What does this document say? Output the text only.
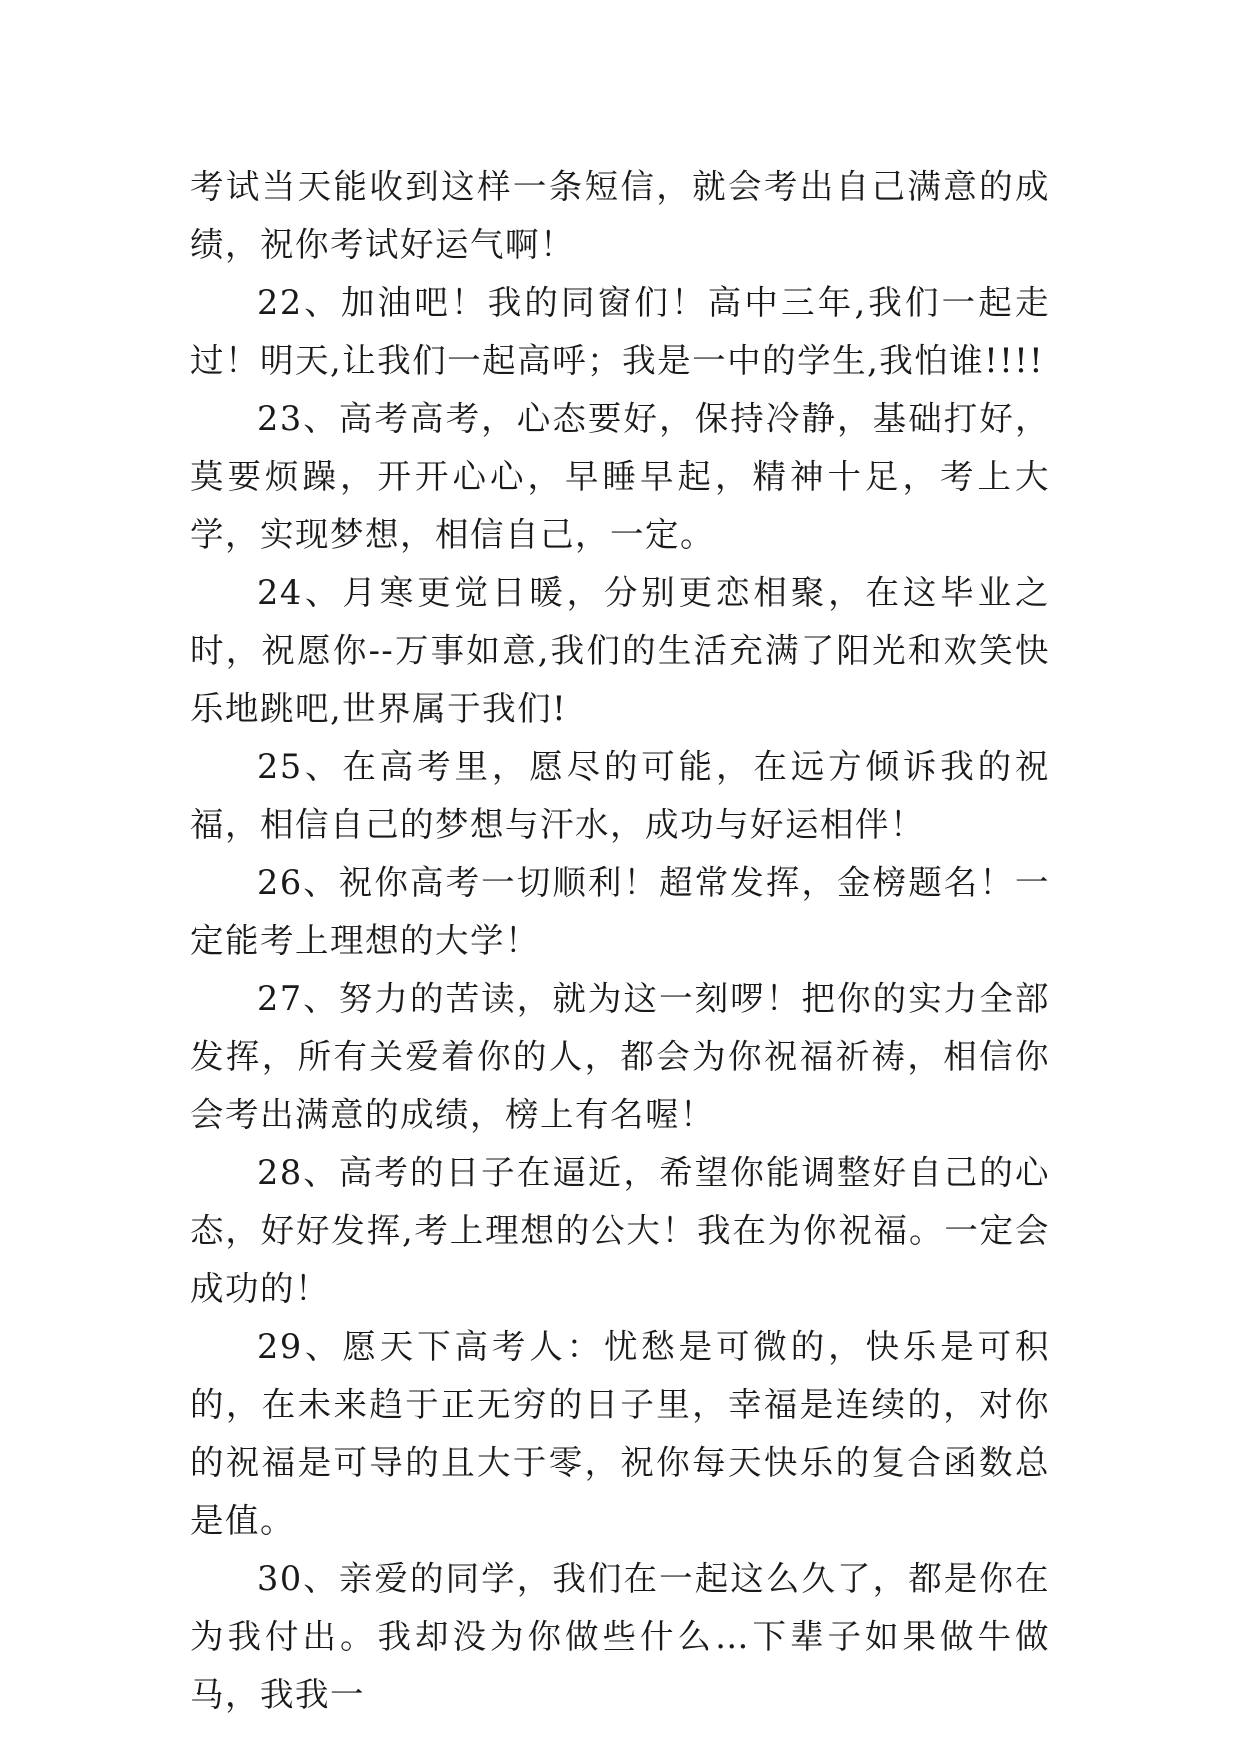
考试当天能收到这样一条短信，就会考出自己满意的成绩，祝你考试好运气啊！

22、加油吧！我的同窗们！高中三年,我们一起走过！明天,让我们一起高呼；我是一中的学生,我怕谁!!!!

23、高考高考，心态要好，保持冷静，基础打好，莫要烦躁，开开心心，早睡早起，精神十足，考上大学，实现梦想，相信自己，一定。

24、月寒更觉日暖，分别更恋相聚，在这毕业之时，祝愿你--万事如意,我们的生活充满了阳光和欢笑快乐地跳吧,世界属于我们!

25、在高考里，愿尽的可能，在远方倾诉我的祝福，相信自己的梦想与汗水，成功与好运相伴！

26、祝你高考一切顺利！超常发挥，金榜题名！一定能考上理想的大学！

27、努力的苦读，就为这一刻啰！把你的实力全部发挥，所有关爱着你的人，都会为你祝福祈祷，相信你会考出满意的成绩，榜上有名喔！

28、高考的日子在逼近，希望你能调整好自己的心态，好好发挥,考上理想的公大！我在为你祝福。一定会成功的！

29、愿天下高考人：忧愁是可微的，快乐是可积的，在未来趋于正无穷的日子里，幸福是连续的，对你的祝福是可导的且大于零，祝你每天快乐的复合函数总是值。

30、亲爱的同学，我们在一起这么久了，都是你在为我付出。我却没为你做些什么…下辈子如果做牛做马，我我一
